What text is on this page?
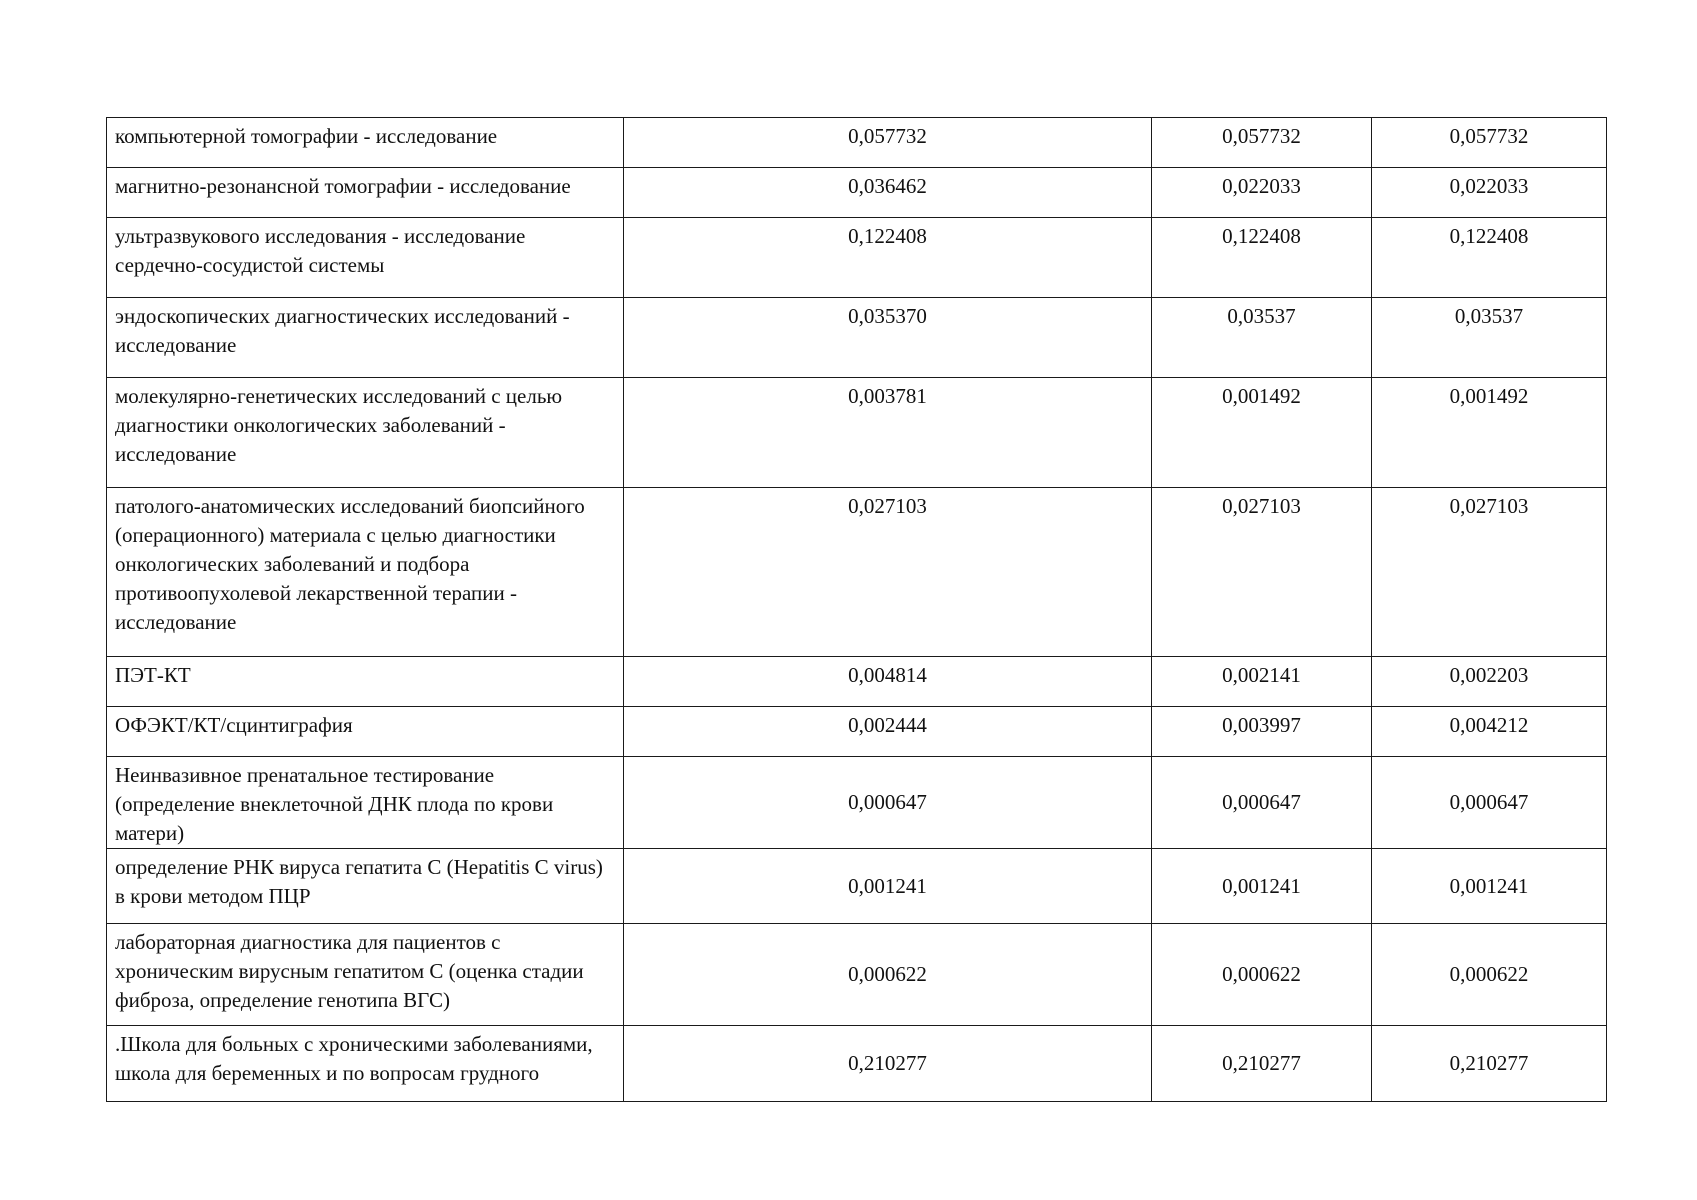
компьютерной томографии - исследование	0,057732	0,057732	0,057732
магнитно-резонансной томографии - исследование	0,036462	0,022033	0,022033
ультразвукового исследования - исследование сердечно-сосудистой системы	0,122408	0,122408	0,122408
эндоскопических диагностических исследований - исследование	0,035370	0,03537	0,03537
молекулярно-генетических исследований с целью диагностики онкологических заболеваний - исследование	0,003781	0,001492	0,001492
патолого-анатомических исследований биопсийного (операционного) материала с целью диагностики онкологических заболеваний и подбора противоопухолевой лекарственной терапии - исследование	0,027103	0,027103	0,027103
ПЭТ-КТ	0,004814	0,002141	0,002203
ОФЭКТ/КТ/сцинтиграфия	0,002444	0,003997	0,004212
Неинвазивное пренатальное тестирование (определение внеклеточной ДНК плода по крови матери)	0,000647	0,000647	0,000647
определение РНК вируса гепатита С (Hepatitis С virus) в крови методом ПЦР	0,001241	0,001241	0,001241
лабораторная диагностика для пациентов с хроническим вирусным гепатитом С (оценка стадии фиброза, определение генотипа ВГС)	0,000622	0,000622	0,000622
.Школа для больных с хроническими заболеваниями, школа для беременных и по вопросам грудного	0,210277	0,210277	0,210277
